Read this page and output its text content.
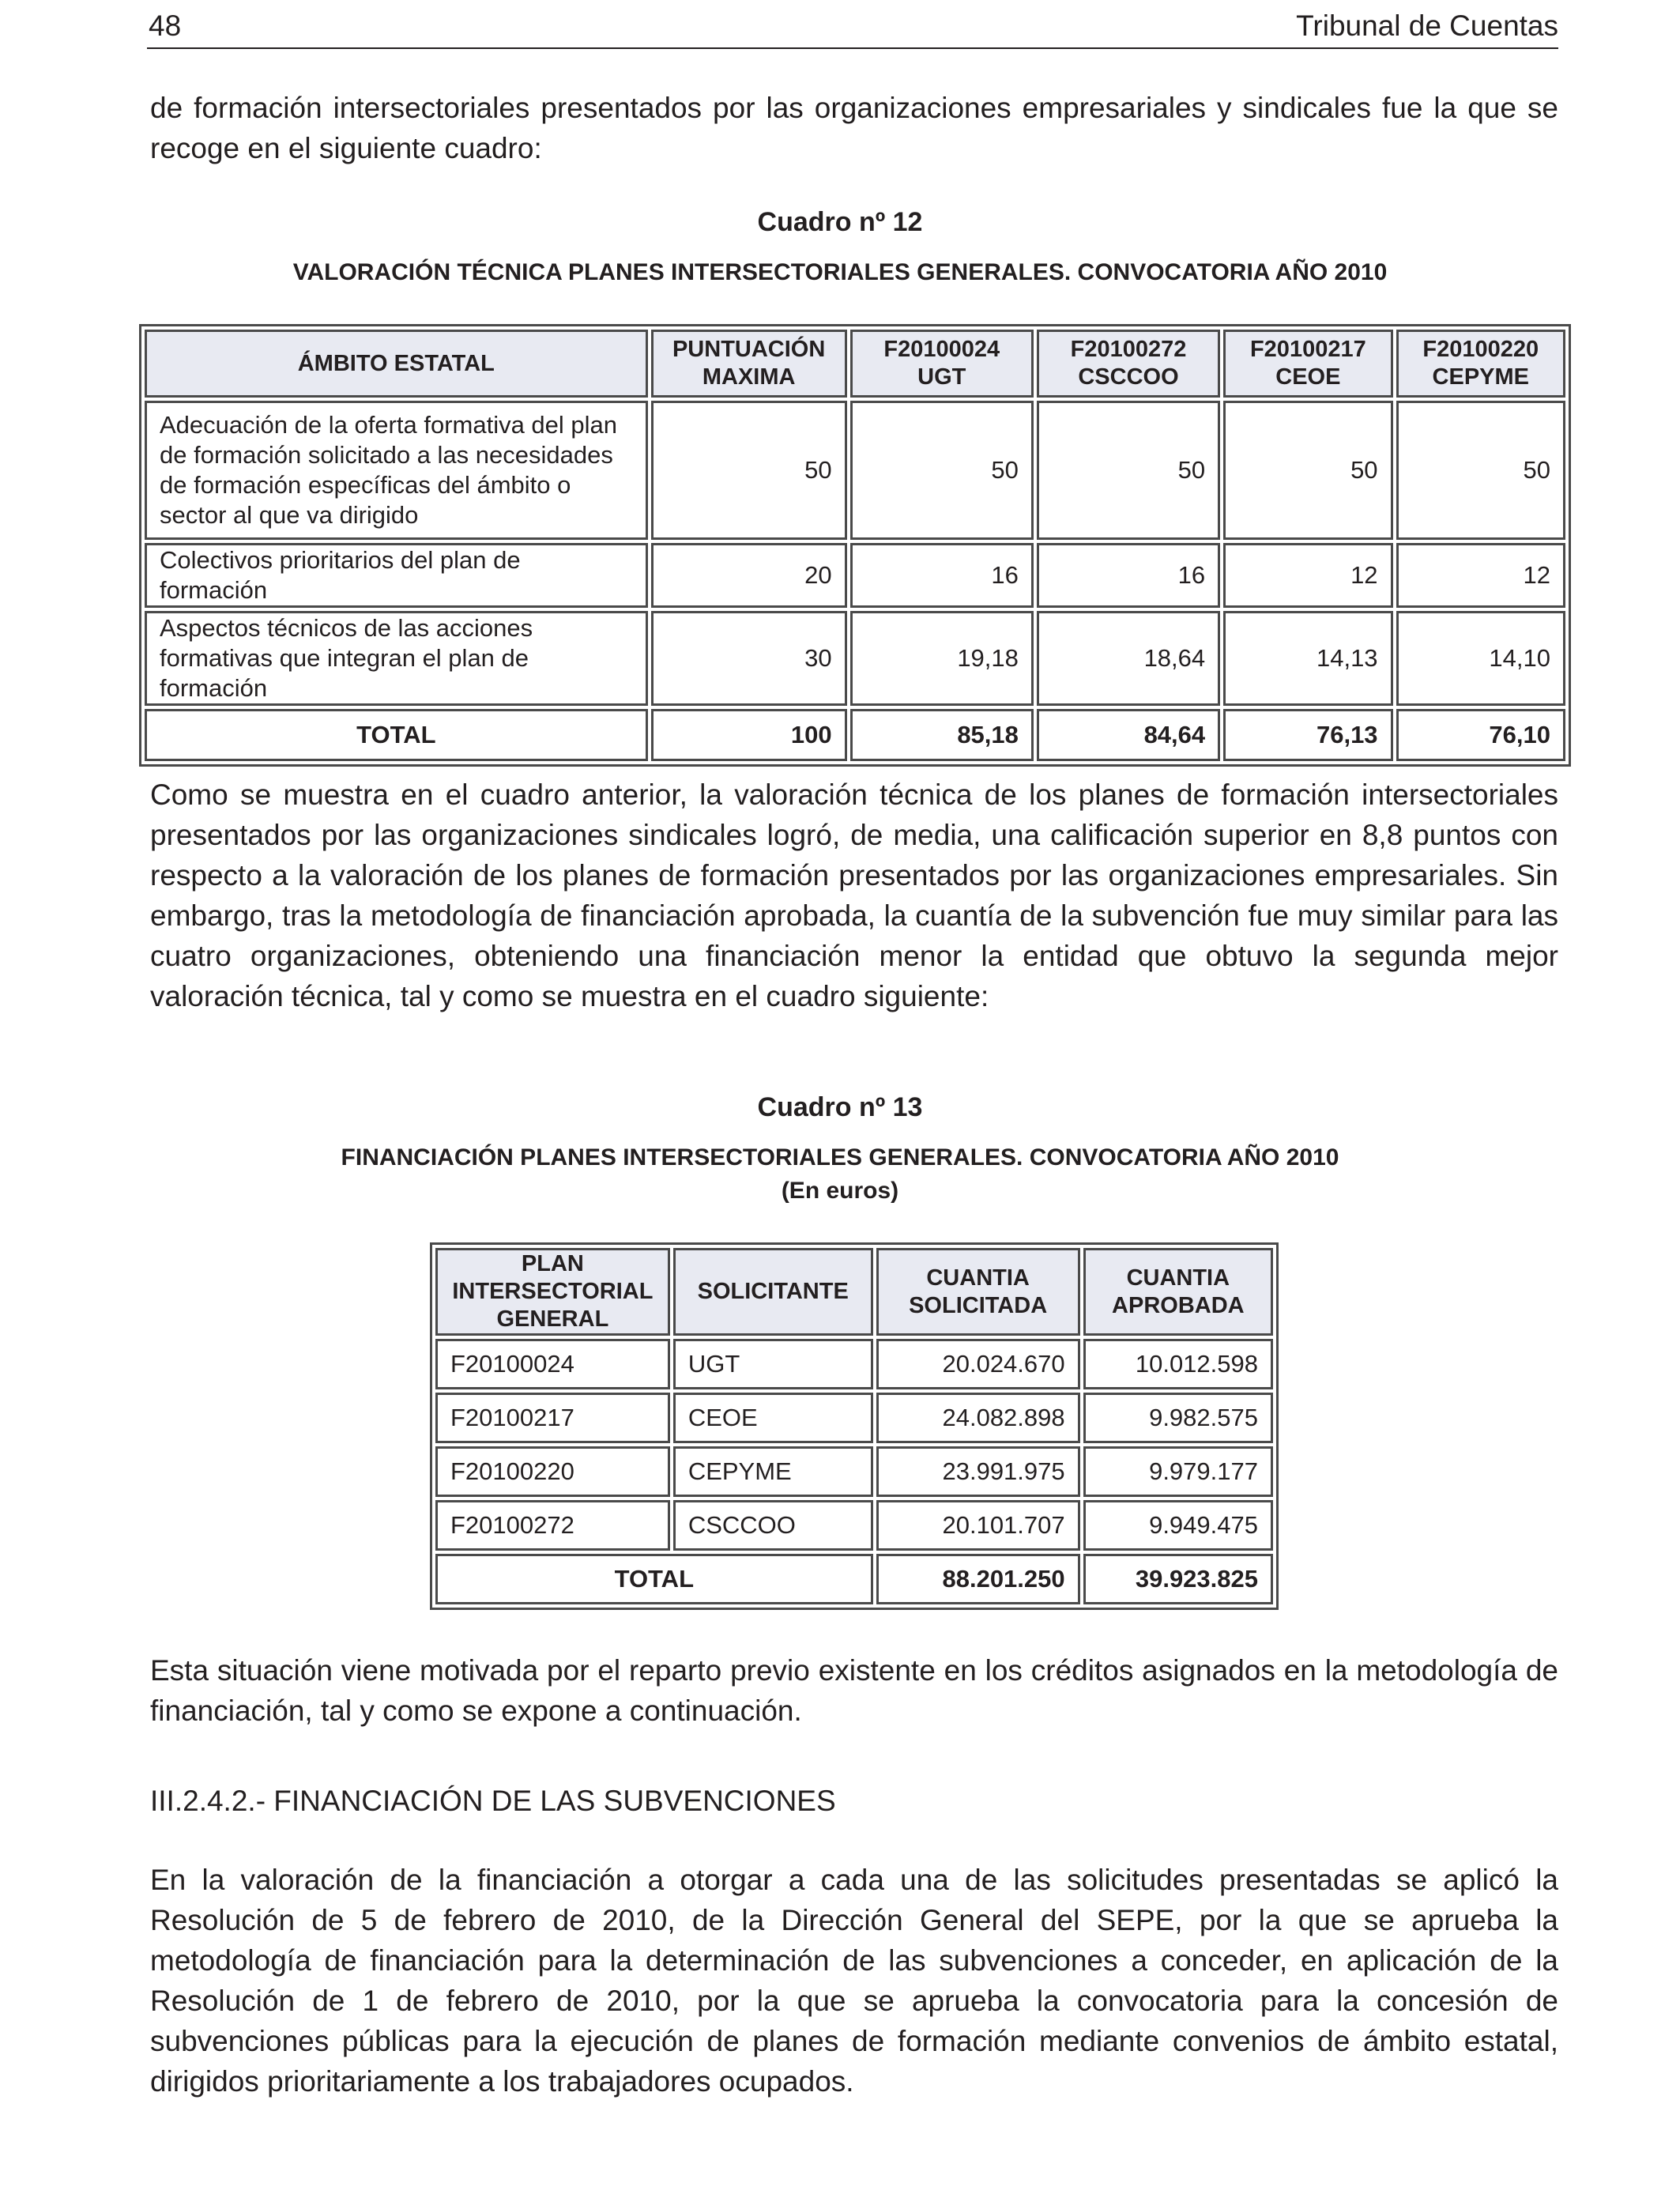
48	Tribunal de Cuentas

de formación intersectoriales presentados por las organizaciones empresariales y sindicales fue la que se recoge en el siguiente cuadro:

Cuadro nº 12

VALORACIÓN TÉCNICA PLANES INTERSECTORIALES GENERALES. CONVOCATORIA AÑO 2010

ÁMBITO ESTATAL	PUNTUACIÓN MAXIMA	F20100024 UGT	F20100272 CSCCOO	F20100217 CEOE	F20100220 CEPYME
Adecuación de la oferta formativa del plan de formación solicitado a las necesidades de formación específicas del ámbito o sector al que va dirigido	50	50	50	50	50
Colectivos prioritarios del plan de formación	20	16	16	12	12
Aspectos técnicos de las acciones formativas que integran el plan de formación	30	19,18	18,64	14,13	14,10
TOTAL	100	85,18	84,64	76,13	76,10

Como se muestra en el cuadro anterior, la valoración técnica de los planes de formación intersectoriales presentados por las organizaciones sindicales logró, de media, una calificación superior en 8,8 puntos con respecto a la valoración de los planes de formación presentados por las organizaciones empresariales. Sin embargo, tras la metodología de financiación aprobada, la cuantía de la subvención fue muy similar para las cuatro organizaciones, obteniendo una financiación menor la entidad que obtuvo la segunda mejor valoración técnica, tal y como se muestra en el cuadro siguiente:

Cuadro nº 13

FINANCIACIÓN PLANES INTERSECTORIALES GENERALES. CONVOCATORIA AÑO 2010

(En euros)

PLAN INTERSECTORIAL GENERAL	SOLICITANTE	CUANTIA SOLICITADA	CUANTIA APROBADA
F20100024	UGT	20.024.670	10.012.598
F20100217	CEOE	24.082.898	9.982.575
F20100220	CEPYME	23.991.975	9.979.177
F20100272	CSCCOO	20.101.707	9.949.475
TOTAL		88.201.250	39.923.825

Esta situación viene motivada por el reparto previo existente en los créditos asignados en la metodología de financiación, tal y como se expone a continuación.

III.2.4.2.- FINANCIACIÓN DE LAS SUBVENCIONES

En la valoración de la financiación a otorgar a cada una de las solicitudes presentadas se aplicó la Resolución de 5 de febrero de 2010, de la Dirección General del SEPE, por la que se aprueba la metodología de financiación para la determinación de las subvenciones a conceder, en aplicación de la Resolución de 1 de febrero de 2010, por la que se aprueba la convocatoria para la concesión de subvenciones públicas para la ejecución de planes de formación mediante convenios de ámbito estatal, dirigidos prioritariamente a los trabajadores ocupados.
